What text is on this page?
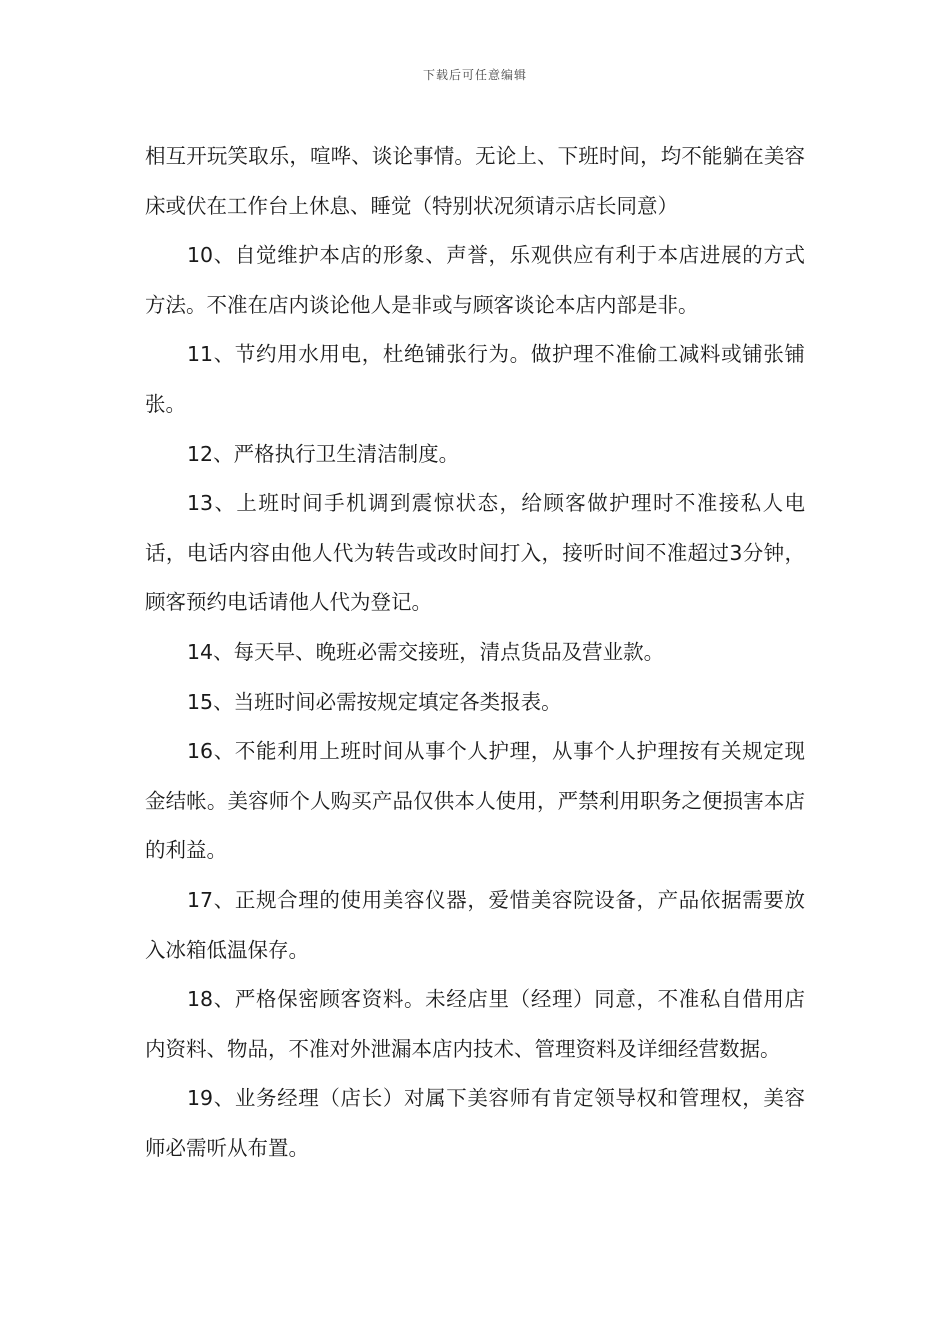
下载后可任意编辑

相互开玩笑取乐，喧哗、谈论事情。无论上、下班时间，均不能躺在美容床或伏在工作台上休息、睡觉（特别状况须请示店长同意）

10、自觉维护本店的形象、声誉，乐观供应有利于本店进展的方式方法。不准在店内谈论他人是非或与顾客谈论本店内部是非。

11、节约用水用电，杜绝铺张行为。做护理不准偷工减料或铺张铺张。

12、严格执行卫生清洁制度。

13、上班时间手机调到震惊状态，给顾客做护理时不准接私人电话，电话内容由他人代为转告或改时间打入，接听时间不准超过3分钟，顾客预约电话请他人代为登记。

14、每天早、晚班必需交接班，清点货品及营业款。

15、当班时间必需按规定填定各类报表。

16、不能利用上班时间从事个人护理，从事个人护理按有关规定现金结帐。美容师个人购买产品仅供本人使用，严禁利用职务之便损害本店的利益。

17、正规合理的使用美容仪器，爱惜美容院设备，产品依据需要放入冰箱低温保存。

18、严格保密顾客资料。未经店里（经理）同意，不准私自借用店内资料、物品，不准对外泄漏本店内技术、管理资料及详细经营数据。

19、业务经理（店长）对属下美容师有肯定领导权和管理权，美容师必需听从布置。
